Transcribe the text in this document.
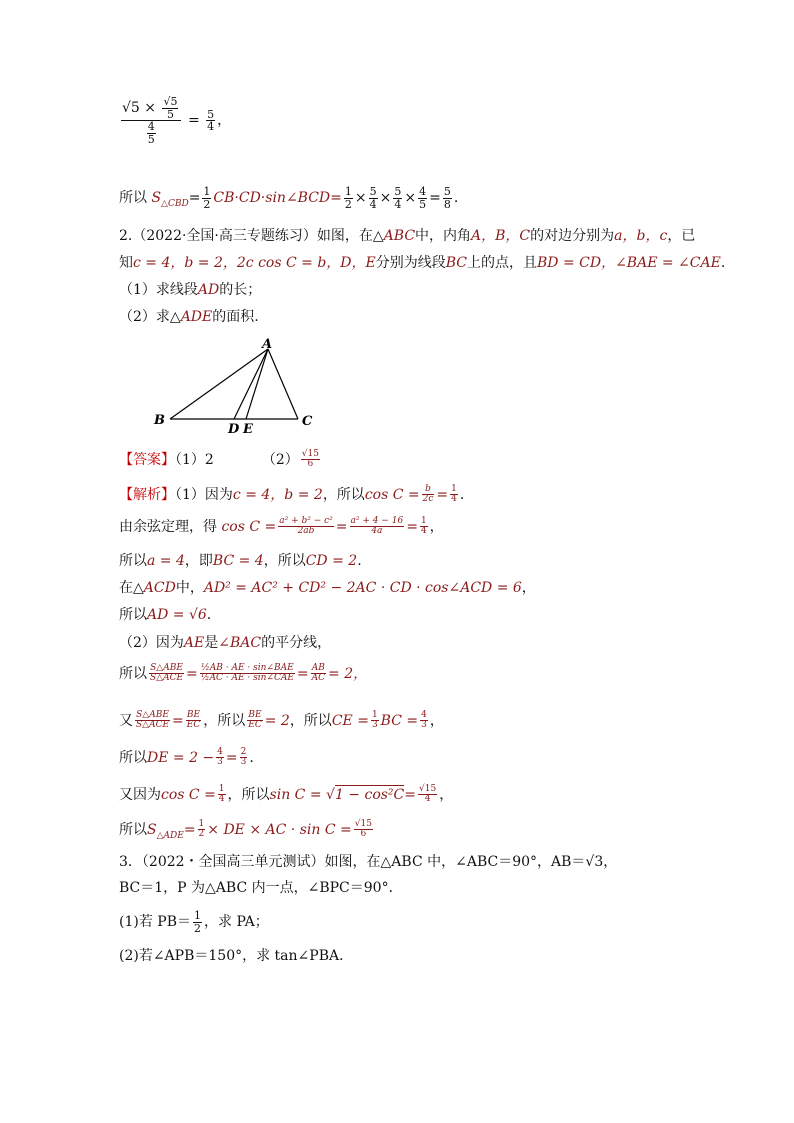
$\frac{√5 \times \frac{√5}{5}}{\frac{4}{5}} = \frac{5}{4}$ ，
所以 $S_{\triangle CBD}= \frac{1}{2}$ CB·CD·sin∠BCD= $\frac{1}{2} \times \frac{5}{4} \times \frac{5}{4} \times \frac{4}{5} = \frac{5}{8}$ .
2.（2022·全国·高三专题练习）如图，在△ABC中，内角A，B，C的对边分别为a，b，c，已
知c = 4，b = 2，2c cos C = b，D，E分别为线段BC上的点，且BD = CD，∠BAE = ∠CAE.
（1）求线段AD的长；
（2）求△ADE的面积.
A
B	C
D E
【答案】（1）2	$(2) \frac{√15}{6}$
【解析】（1）因为c = 4，b = 2，所以$\cos C = \frac{b}{2c} = \frac{1}{4}$ .
由余弦定理，得 $\cos C = \frac{\text{a² + b² − c²}}{2ab} = \frac{\text{a² + 4 − 16}}{4a} = \frac{1}{4}$ ，
所以a = 4，即BC = 4，所以CD = 2.
在△ACD中，AD² = AC² + CD² − 2AC · CD · cos∠ACD = 6，
所以AD = √6.
（2）因为AE是∠BAC的平分线，
所以 $\frac{\text{S△ABE}}{\text{S△ACE}} = \frac{\text{½AB · AE · sin∠BAE}}{\text{½AC · AE · sin∠CAE}} = \frac{AB}{AC} = 2$，
又 $\frac{\text{S△ABE}}{\text{S△ACE}} = \frac{BE}{EC}$ ，所以 $\frac{BE}{EC} = 2$，所以CE = $\frac{1}{3}$ BC = $\frac{4}{3}$ ，
所以DE = $2 - \frac{4}{3} = \frac{2}{3}$ .
又因为$\cos C = \frac{1}{4}$ ，所以$\sin C = √1 - \cos^2C= \frac{√15}{4}$ ，
所以$S_{\triangle ADE}= \frac{1}{2}$ × DE × AC · $\sin C = \frac{√15}{6}$
3．（2022・全国高三单元测试）如图，在△ABC 中，∠ABC＝90°，AB＝√3，
BC＝1，P 为△ABC 内一点，∠BPC＝90°．
(1)若 $PB= \frac{1}{2}$ ，求 PA；
(2)若∠APB＝150°，求 tan∠PBA．
